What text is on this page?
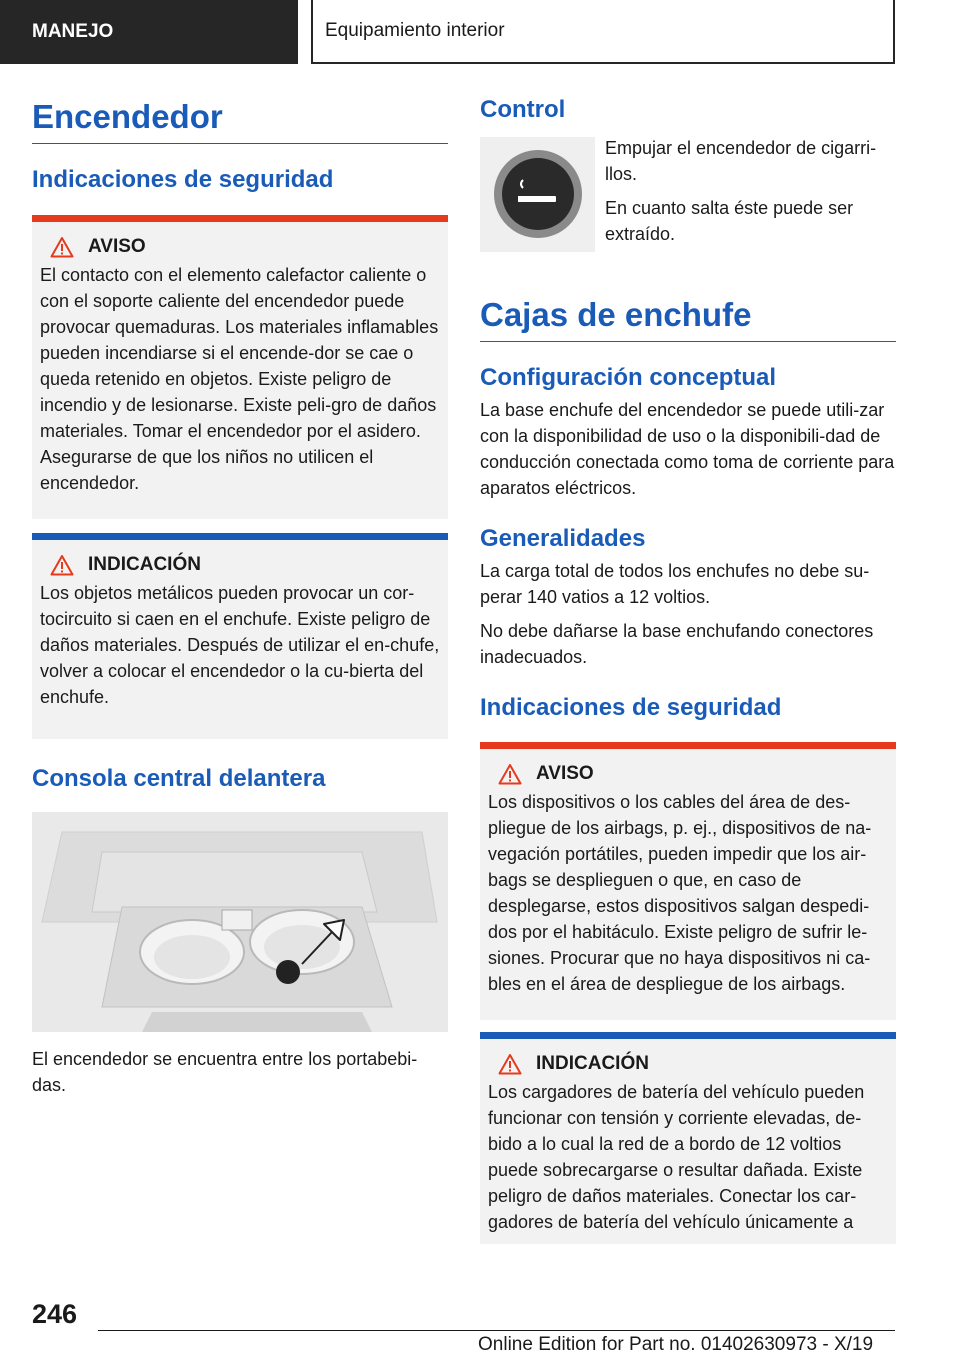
MANEJO	Equipamiento interior
Encendedor
Indicaciones de seguridad
AVISO

El contacto con el elemento calefactor caliente o con el soporte caliente del encendedor puede provocar quemaduras. Los materiales inflamables pueden incendiarse si el encende-dor se cae o queda retenido en objetos. Existe peligro de incendio y de lesionarse. Existe peli-gro de daños materiales. Tomar el encendedor por el asidero. Asegurarse de que los niños no utilicen el encendedor.

INDICACIÓN

Los objetos metálicos pueden provocar un cor-tocircuito si caen en el enchufe. Existe peligro de daños materiales. Después de utilizar el en-chufe, volver a colocar el encendedor o la cu-bierta del enchufe.

Consola central delantera

El encendedor se encuentra entre los portabebi-das.

Control

Empujar el encendedor de cigarri-llos.

En cuanto salta éste puede ser extraído.

Cajas de enchufe
Configuración conceptual

La base enchufe del encendedor se puede utili-zar con la disponibilidad de uso o la disponibili-dad de conducción conectada como toma de corriente para aparatos eléctricos.

Generalidades

La carga total de todos los enchufes no debe su-perar 140 vatios a 12 voltios.

No debe dañarse la base enchufando conectores inadecuados.

Indicaciones de seguridad
AVISO

Los dispositivos o los cables del área de des-pliegue de los airbags, p. ej., dispositivos de na-vegación portátiles, pueden impedir que los air-bags se desplieguen o que, en caso de desplegarse, estos dispositivos salgan despedi-dos por el habitáculo. Existe peligro de sufrir le-siones. Procurar que no haya dispositivos ni ca-bles en el área de despliegue de los airbags.

INDICACIÓN

Los cargadores de batería del vehículo pueden funcionar con tensión y corriente elevadas, de-bido a lo cual la red de a bordo de 12 voltios puede sobrecargarse o resultar dañada. Existe peligro de daños materiales. Conectar los car-gadores de batería del vehículo únicamente a

246
Online Edition for Part no. 01402630973 - X/19
